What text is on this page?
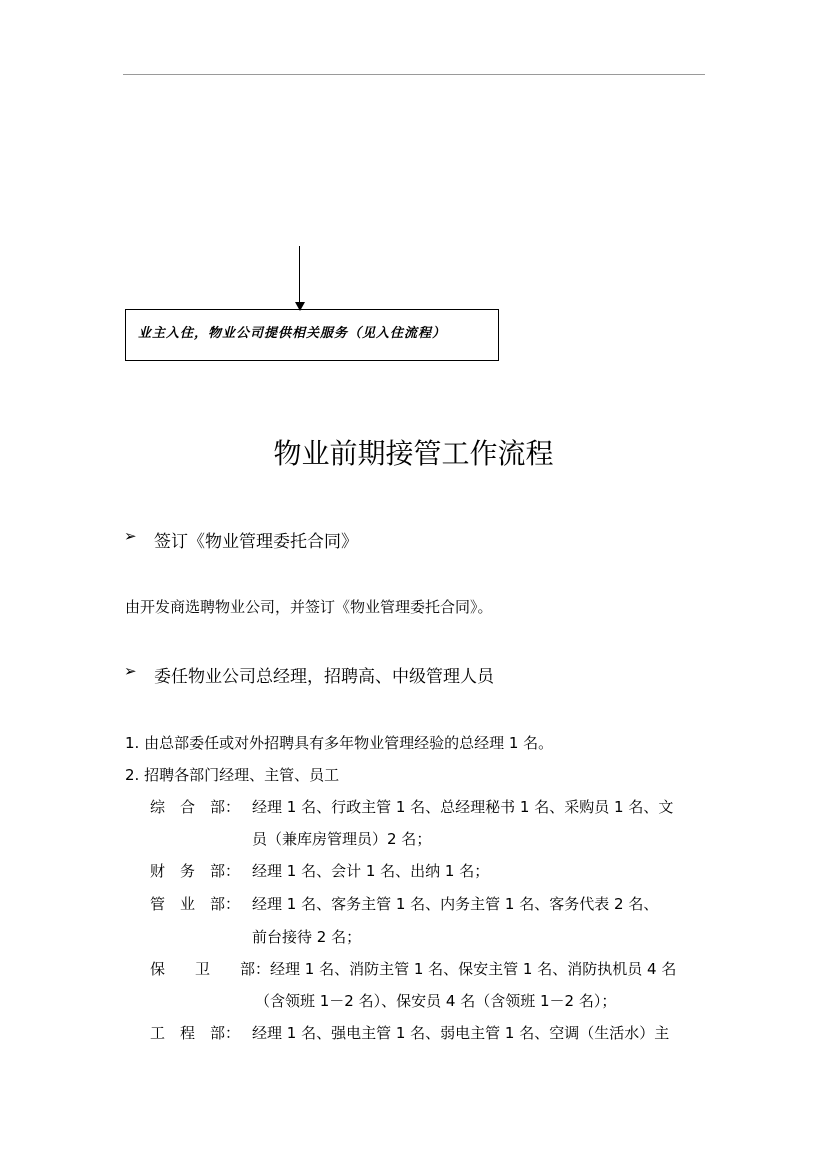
业主入住，物业公司提供相关服务（见入住流程）
物业前期接管工作流程
➢ 签订《物业管理委托合同》
由开发商选聘物业公司，并签订《物业管理委托合同》。
➢ 委任物业公司总经理，招聘高、中级管理人员
1. 由总部委任或对外招聘具有多年物业管理经验的总经理 1 名。
2. 招聘各部门经理、主管、员工
综　合　部： 经理 1 名、行政主管 1 名、总经理秘书 1 名、采购员 1 名、文
员（兼库房管理员）2 名；
财　务　部： 经理 1 名、会计 1 名、出纳 1 名；
管　业　部： 经理 1 名、客务主管 1 名、内务主管 1 名、客务代表 2 名、
前台接待 2 名；
保　　卫　　部： 经理 1 名、消防主管 1 名、保安主管 1 名、消防执机员 4 名
（含领班 1－2 名）、保安员 4 名（含领班 1－2 名）；
工　程　部： 经理 1 名、强电主管 1 名、弱电主管 1 名、空调（生活水）主
